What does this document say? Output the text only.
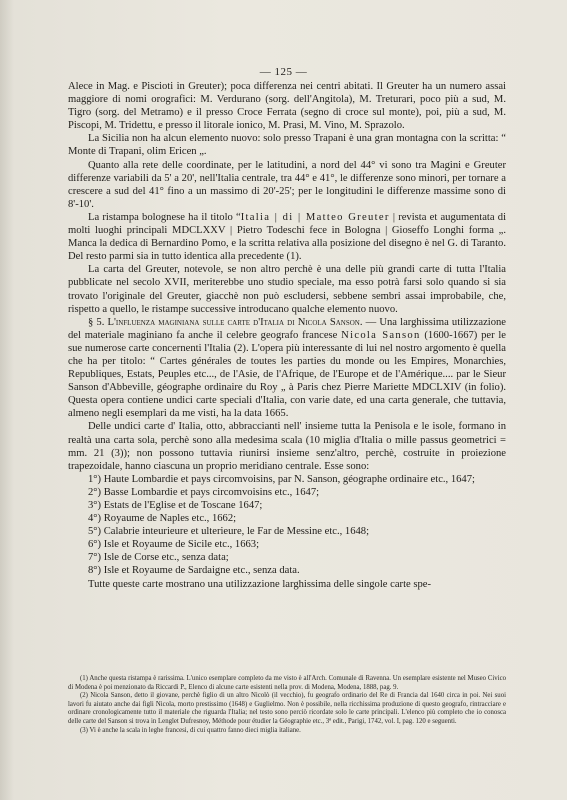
— 125 —

Alece in Mag. e Piscioti in Greuter); poca differenza nei centri abitati. Il Greuter ha un numero assai maggiore di nomi orografici: M. Verdurano (sorg. dell'Angitola), M. Treturari, poco più a sud, M. Tigro (sorg. del Metramo) e il presso Croce Ferrata (segno di croce sul monte), poi, più a sud, M. Piscopi, M. Tridettu, e presso il litorale ionico, M. Prasi, M. Vino, M. Sprazolo.

La Sicilia non ha alcun elemento nuovo: solo presso Trapani è una gran montagna con la scritta: “ Monte di Trapani, olim Ericen „.

Quanto alla rete delle coordinate, per le latitudini, a nord del 44° vi sono tra Magini e Greuter differenze variabili da 5' a 20', nell'Italia centrale, tra 44° e 41°, le differenze sono minori, per tornare a crescere a sud del 41° fino a un massimo di 20'-25'; per le longitudini le differenze massime sono di 8'-10'.

La ristampa bolognese ha il titolo “Italia | di | Matteo Greuter | revista et augumentata di molti luoghi principali MDCLXXV | Pietro Todeschi fece in Bologna | Gioseffo Longhi forma „. Manca la dedica di Bernardino Pomo, e la scritta relativa alla posizione del disegno è nel G. di Taranto. Del resto parmi sia in tutto identica alla precedente (1).

La carta del Greuter, notevole, se non altro perchè è una delle più grandi carte di tutta l'Italia pubblicate nel secolo XVII, meriterebbe uno studio speciale, ma esso potrà farsi solo quando si sia trovato l'originale del Greuter, giacchè non può escludersi, sebbene sembri assai improbabile, che, rispetto a quello, le ristampe successive introducano qualche elemento nuovo.

§ 5. L'influenza maginiana sulle carte d'Italia di Nicola Sanson. — Una larghissima utilizzazione del materiale maginiano fa anche il celebre geografo francese Nicola Sanson (1600-1667) per le sue numerose carte concernenti l'Italia (2). L'opera più interessante di lui nel nostro argomento è quella che ha per titolo: “ Cartes générales de toutes les parties du monde ou les Empires, Monarchies, Republiques, Estats, Peuples etc..., de l'Asie, de l'Afrique, de l'Europe et de l'Amérique.... par le Sieur Sanson d'Abbeville, géographe ordinaire du Roy „ à Paris chez Pierre Mariette MDCLXIV (in folio). Questa opera contiene undici carte speciali d'Italia, con varie date, ed una carta generale, che tuttavia, almeno negli esemplari da me visti, ha la data 1665.

Delle undici carte d' Italia, otto, abbraccianti nell' insieme tutta la Penisola e le isole, formano in realtà una carta sola, perchè sono alla medesima scala (10 miglia d'Italia o mille passus geometrici = mm. 21 (3)); non possono tuttavia riunirsi insieme senz'altro, perchè, costruite in proiezione trapezoidale, hanno ciascuna un proprio meridiano centrale. Esse sono:

1°) Haute Lombardie et pays circomvoisins, par N. Sanson, géographe ordinaire etc., 1647;
2°) Basse Lombardie et pays circomvoisins etc., 1647;
3°) Estats de l'Eglise et de Toscane 1647;
4°) Royaume de Naples etc., 1662;
5°) Calabrie inteurieure et ulterieure, le Far de Messine etc., 1648;
6°) Isle et Royaume de Sicile etc., 1663;
7°) Isle de Corse etc., senza data;
8°) Isle et Royaume de Sardaigne etc., senza data.

Tutte queste carte mostrano una utilizzazione larghissima delle singole carte spe-

(1) Anche questa ristampa è rarissima. L'unico esemplare completo da me visto è all'Arch. Comunale di Ravenna. Un esemplare esistente nel Museo Civico di Modena è poi menzionato da Riccardi P., Elenco di alcune carte esistenti nella prov. di Modena, Modena, 1888, pag. 9.

(2) Nicola Sanson, detto il giovane, perchè figlio di un altro Nicolò (il vecchio), fu geografo ordinario del Re di Francia dal 1640 circa in poi. Nei suoi lavori fu aiutato anche dai figli Nicola, morto prestissimo (1648) e Guglielmo. Non è possibile, nella ricchissima produzione di questo geografo, rintracciare e ordinare cronologicamente tutto il materiale che riguarda l'Italia; nel testo sono perciò ricordate solo le carte principali. L'elenco più completo che io conosca delle carte del Sanson si trova in Lenglet Dufresnoy, Méthode pour étudier la Géographie etc., 3ª edit., Parigi, 1742, vol. I, pag. 120 e seguenti.

(3) Vi è anche la scala in leghe francesi, di cui quattro fanno dieci miglia italiane.
